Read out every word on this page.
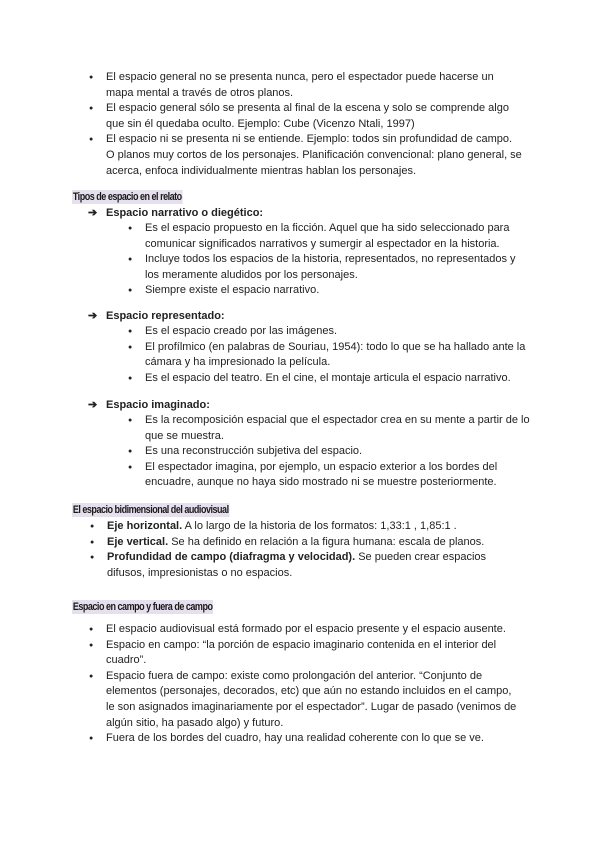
● El espacio general no se presenta nunca, pero el espectador puede hacerse un mapa mental a través de otros planos.
● El espacio general sólo se presenta al final de la escena y solo se comprende algo que sin él quedaba oculto. Ejemplo: Cube (Vicenzo Ntali, 1997)
● El espacio ni se presenta ni se entiende. Ejemplo: todos sin profundidad de campo. O planos muy cortos de los personajes. Planificación convencional: plano general, se acerca, enfoca individualmente mientras hablan los personajes.
Tipos de espacio en el relato
➔ Espacio narrativo o diegético:
● Es el espacio propuesto en la ficción. Aquel que ha sido seleccionado para comunicar significados narrativos y sumergir al espectador en la historia.
● Incluye todos los espacios de la historia, representados, no representados y los meramente aludidos por los personajes.
● Siempre existe el espacio narrativo.
➔ Espacio representado:
● Es el espacio creado por las imágenes.
● El profílmico (en palabras de Souriau, 1954): todo lo que se ha hallado ante la cámara y ha impresionado la película.
● Es el espacio del teatro. En el cine, el montaje articula el espacio narrativo.
➔ Espacio imaginado:
● Es la recomposición espacial que el espectador crea en su mente a partir de lo que se muestra.
● Es una reconstrucción subjetiva del espacio.
● El espectador imagina, por ejemplo, un espacio exterior a los bordes del encuadre, aunque no haya sido mostrado ni se muestre posteriormente.
El espacio bidimensional del audiovisual
● Eje horizontal. A lo largo de la historia de los formatos: 1,33:1 , 1,85:1 .
● Eje vertical. Se ha definido en relación a la figura humana: escala de planos.
● Profundidad de campo (diafragma y velocidad). Se pueden crear espacios difusos, impresionistas o no espacios.
Espacio en campo y fuera de campo
● El espacio audiovisual está formado por el espacio presente y el espacio ausente.
● Espacio en campo: “la porción de espacio imaginario contenida en el interior del cuadro”.
● Espacio fuera de campo: existe como prolongación del anterior. “Conjunto de elementos (personajes, decorados, etc) que aún no estando incluidos en el campo, le son asignados imaginariamente por el espectador”. Lugar de pasado (venimos de algún sitio, ha pasado algo) y futuro.
● Fuera de los bordes del cuadro, hay una realidad coherente con lo que se ve.
